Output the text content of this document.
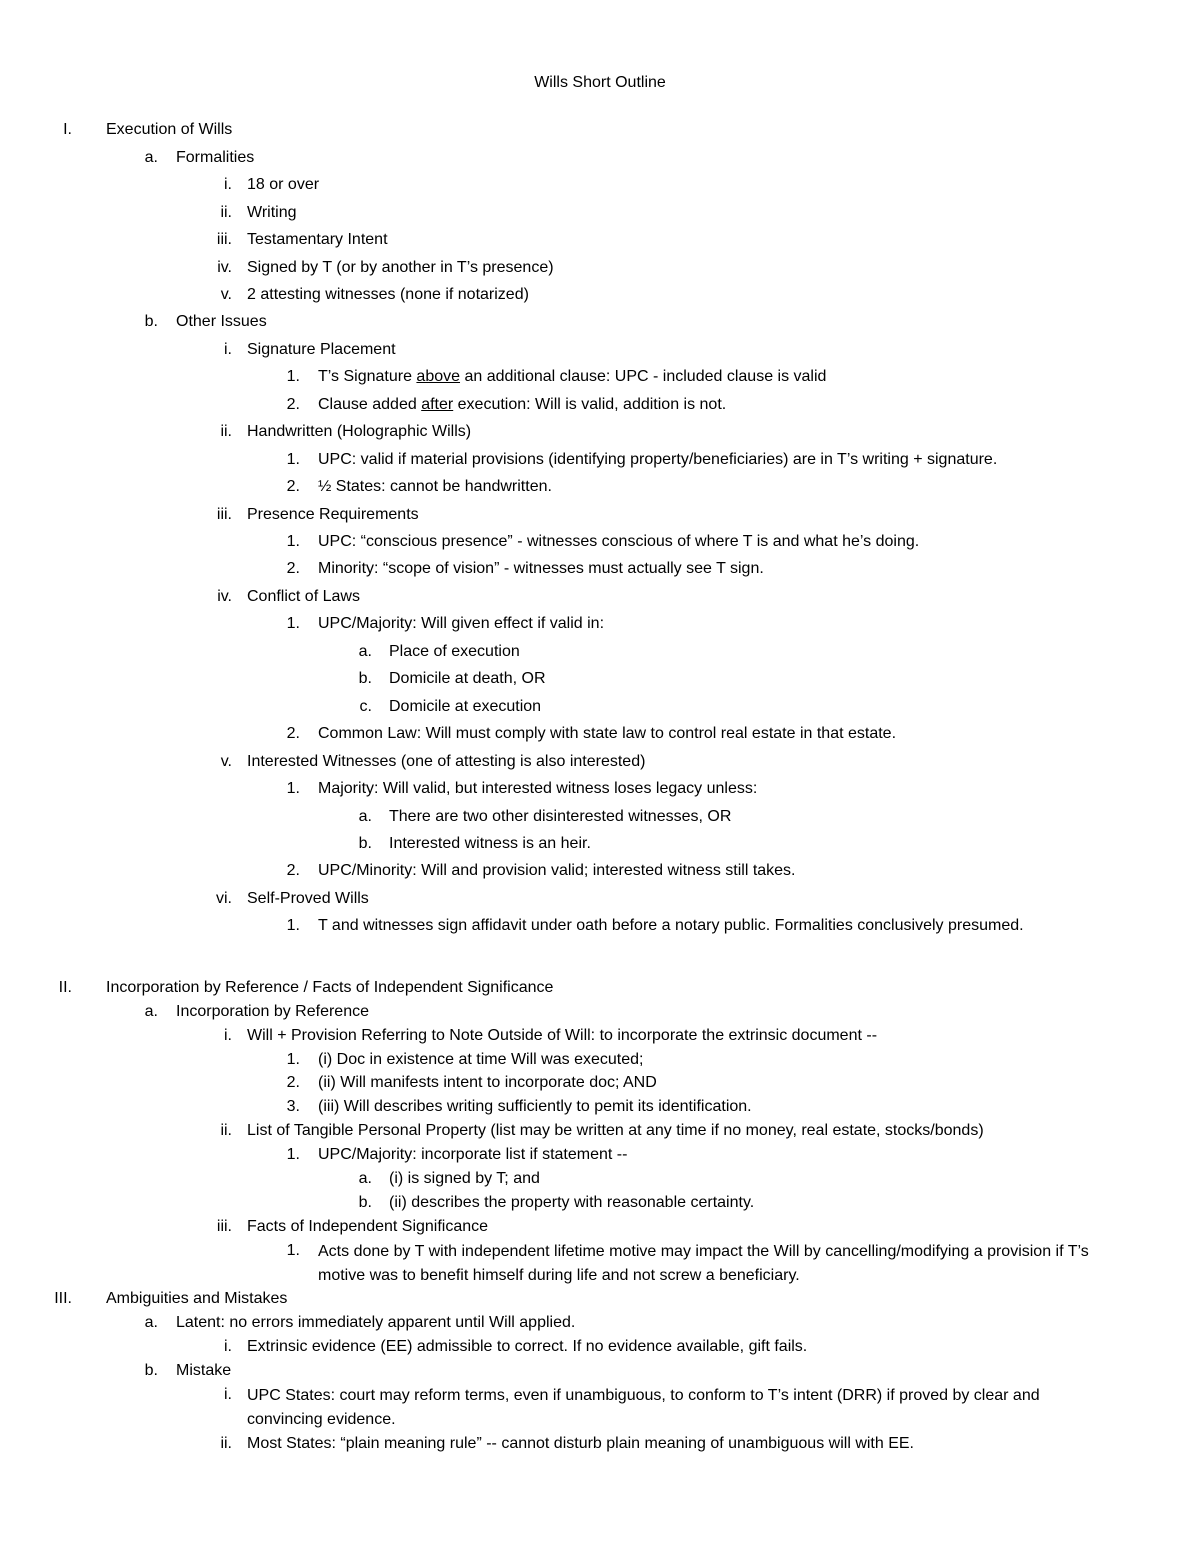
Wills Short Outline
I. Execution of Wills
a. Formalities
i. 18 or over
ii. Writing
iii. Testamentary Intent
iv. Signed by T (or by another in T’s presence)
v. 2 attesting witnesses (none if notarized)
b. Other Issues
i. Signature Placement
1. T’s Signature above an additional clause: UPC - included clause is valid
2. Clause added after execution: Will is valid, addition is not.
ii. Handwritten (Holographic Wills)
1. UPC: valid if material provisions (identifying property/beneficiaries) are in T’s writing + signature.
2. ½ States: cannot be handwritten.
iii. Presence Requirements
1. UPC: “conscious presence” - witnesses conscious of where T is and what he’s doing.
2. Minority: “scope of vision” - witnesses must actually see T sign.
iv. Conflict of Laws
1. UPC/Majority: Will given effect if valid in:
a. Place of execution
b. Domicile at death, OR
c. Domicile at execution
2. Common Law: Will must comply with state law to control real estate in that estate.
v. Interested Witnesses (one of attesting is also interested)
1. Majority: Will valid, but interested witness loses legacy unless:
a. There are two other disinterested witnesses, OR
b. Interested witness is an heir.
2. UPC/Minority: Will and provision valid; interested witness still takes.
vi. Self-Proved Wills
1. T and witnesses sign affidavit under oath before a notary public. Formalities conclusively presumed.
II. Incorporation by Reference / Facts of Independent Significance
a. Incorporation by Reference
i. Will + Provision Referring to Note Outside of Will: to incorporate the extrinsic document --
1. (i) Doc in existence at time Will was executed;
2. (ii) Will manifests intent to incorporate doc; AND
3. (iii) Will describes writing sufficiently to pemit its identification.
ii. List of Tangible Personal Property (list may be written at any time if no money, real estate, stocks/bonds)
1. UPC/Majority: incorporate list if statement --
a. (i) is signed by T; and
b. (ii) describes the property with reasonable certainty.
iii. Facts of Independent Significance
1. Acts done by T with independent lifetime motive may impact the Will by cancelling/modifying a provision if T’s motive was to benefit himself during life and not screw a beneficiary.
III. Ambiguities and Mistakes
a. Latent: no errors immediately apparent until Will applied.
i. Extrinsic evidence (EE) admissible to correct. If no evidence available, gift fails.
b. Mistake
i. UPC States: court may reform terms, even if unambiguous, to conform to T’s intent (DRR) if proved by clear and convincing evidence.
ii. Most States: “plain meaning rule” -- cannot disturb plain meaning of unambiguous will with EE.
